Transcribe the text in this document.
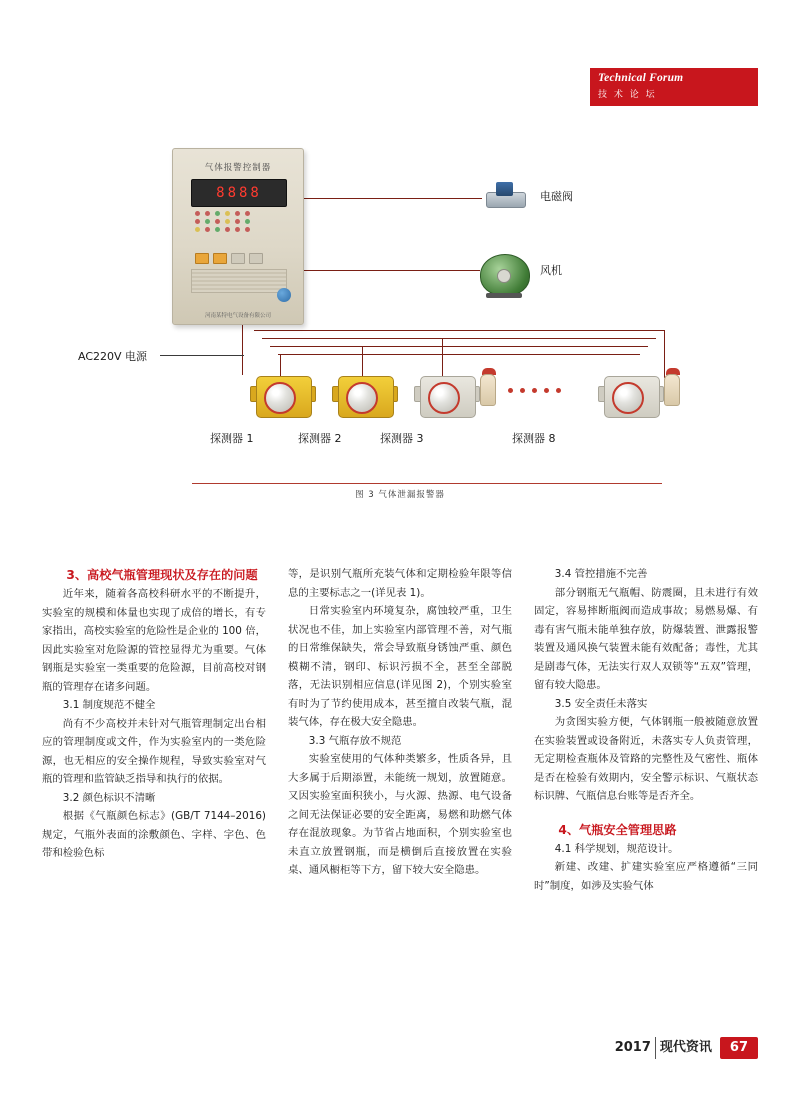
Technical Forum
技 术 论 坛
气体报警控制器
8888
河南某特电气设备有限公司
电磁阀
风机
AC220V 电源
探测器 1	探测器 2	探测器 3	探测器 8
图 3 气体泄漏报警器

3、高校气瓶管理现状及存在的问题

近年来，随着各高校科研水平的不断提升，实验室的规模和体量也实现了成倍的增长，有专家指出，高校实验室的危险性是企业的 100 倍，因此实验室对危险源的管控显得尤为重要。气体钢瓶是实验室一类重要的危险源，目前高校对钢瓶的管理存在诸多问题。

3.1 制度规范不健全

尚有不少高校并未针对气瓶管理制定出台相应的管理制度或文件，作为实验室内的一类危险源，也无相应的安全操作规程，导致实验室对气瓶的管理和监管缺乏指导和执行的依据。

3.2 颜色标识不清晰

根据《气瓶颜色标志》(GB/T 7144–2016)规定，气瓶外表面的涂敷颜色、字样、字色、色带和检验色标

等，是识别气瓶所充装气体和定期检验年限等信息的主要标志之一(详见表 1)。

日常实验室内环境复杂，腐蚀较严重，卫生状况也不佳，加上实验室内部管理不善，对气瓶的日常维保缺失，常会导致瓶身锈蚀严重、颜色模糊不清，钢印、标识污损不全，甚至全部脱落，无法识别相应信息(详见图 2)，个别实验室有时为了节约使用成本，甚至擅自改装气瓶，混装气体，存在极大安全隐患。

3.3 气瓶存放不规范

实验室使用的气体种类繁多，性质各异，且大多属于后期添置，未能统一规划，放置随意。又因实验室面积狭小，与火源、热源、电气设备之间无法保证必要的安全距离，易燃和助燃气体存在混放现象。为节省占地面积，个别实验室也未直立放置钢瓶，而是横倒后直接放置在实验桌、通风橱柜等下方，留下较大安全隐患。

3.4 管控措施不完善

部分钢瓶无气瓶帽、防震圈，且未进行有效固定，容易摔断瓶阀而造成事故；易燃易爆、有毒有害气瓶未能单独存放，防爆装置、泄露报警装置及通风换气装置未能有效配备；毒性，尤其是剧毒气体，无法实行双人双锁等“五双”管理，留有较大隐患。

3.5 安全责任未落实

为贪图实验方便，气体钢瓶一般被随意放置在实验装置或设备附近，未落实专人负责管理，无定期检查瓶体及管路的完整性及气密性、瓶体是否在检验有效期内，安全警示标识、气瓶状态标识牌、气瓶信息台账等是否齐全。

4、气瓶安全管理思路

4.1 科学规划，规范设计。

新建、改建、扩建实验室应严格遵循“三同时”制度，如涉及实验气体

2017 现代资讯	67
